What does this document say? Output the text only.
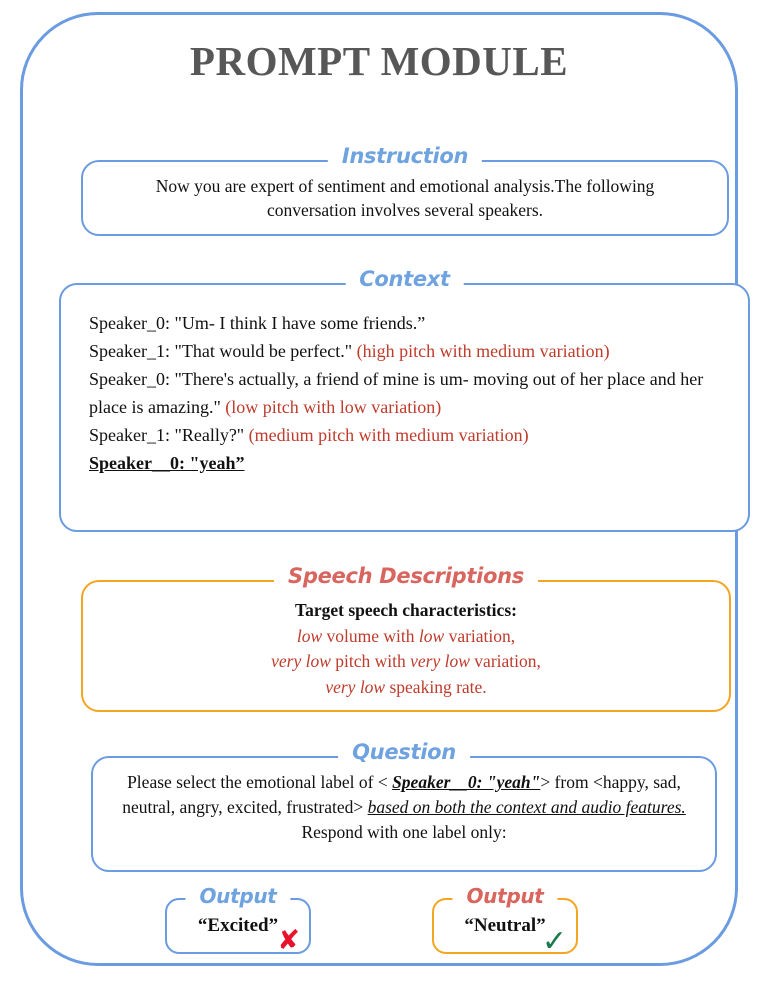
PROMPT MODULE
Instruction
Now you are expert of sentiment and emotional analysis.The following conversation involves several speakers.
Context
Speaker_0: "Um- I think I have some friends.”
Speaker_1: "That would be perfect." (high pitch with medium variation)
Speaker_0: "There's actually, a friend of mine is um- moving out of her place and her place is amazing." (low pitch with low variation)
Speaker_1: "Really?" (medium pitch with medium variation)
Speaker__0: "yeah”
Speech Descriptions
Target speech characteristics:
low volume with low variation,
very low pitch with very low variation,
very low speaking rate.
Question
Please select the emotional label of < Speaker__0: "yeah"> from <happy, sad, neutral, angry, excited, frustrated> based on both the context and audio features. Respond with one label only:
Output
“Excited” ✘
Output
“Neutral”
✓
